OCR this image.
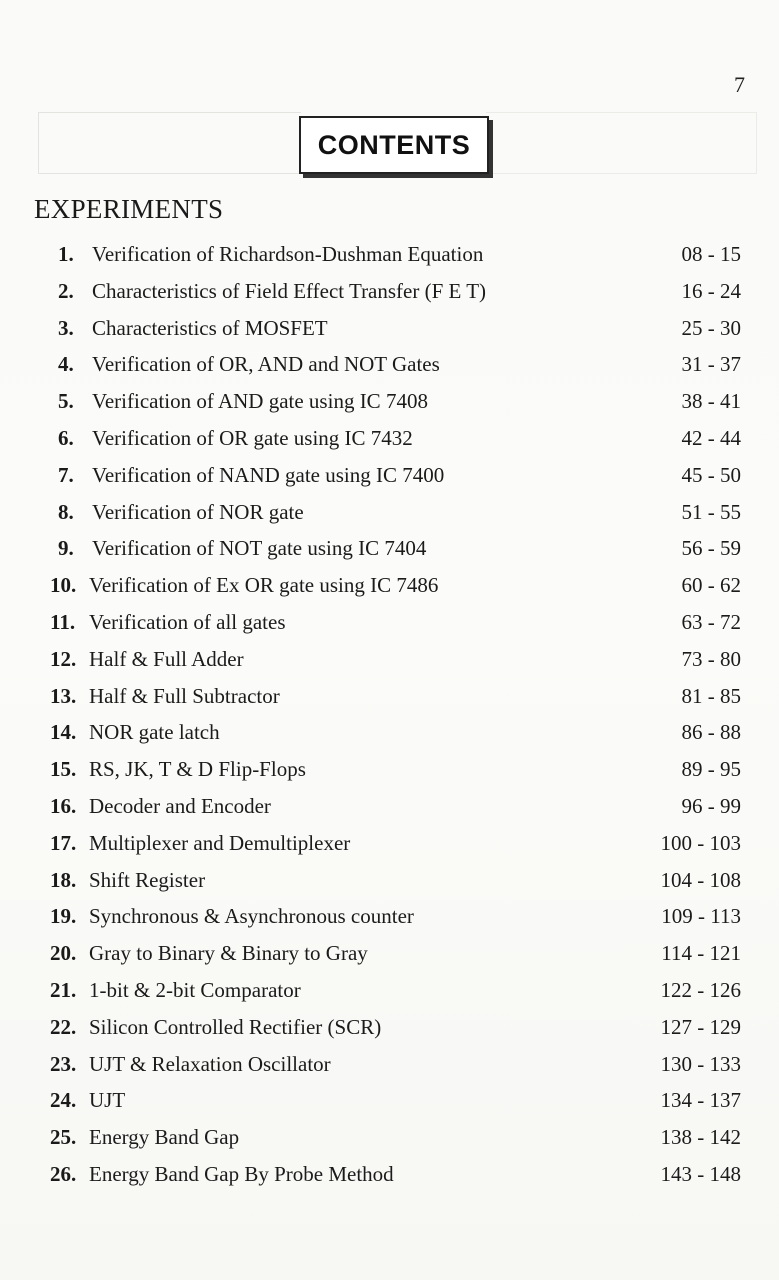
7
CONTENTS
EXPERIMENTS
1. Verification of Richardson-Dushman Equation	08 - 15
2. Characteristics of Field Effect Transfer (F E T)	16 - 24
3. Characteristics of MOSFET	25 - 30
4. Verification of OR, AND and NOT Gates	31 - 37
5. Verification of AND gate using IC 7408	38 - 41
6. Verification of OR gate using IC 7432	42 - 44
7. Verification of NAND gate using IC 7400	45 - 50
8. Verification of NOR gate	51 - 55
9. Verification of NOT gate using IC 7404	56 - 59
10. Verification of Ex OR gate using IC 7486	60 - 62
11. Verification of all gates	63 - 72
12. Half & Full Adder	73 - 80
13. Half & Full Subtractor	81 - 85
14. NOR gate latch	86 - 88
15. RS, JK, T & D Flip-Flops	89 - 95
16. Decoder and Encoder	96 - 99
17. Multiplexer and Demultiplexer	100 - 103
18. Shift Register	104 - 108
19. Synchronous & Asynchronous counter	109 - 113
20. Gray to Binary & Binary to Gray	114 - 121
21. 1-bit & 2-bit Comparator	122 - 126
22. Silicon Controlled Rectifier (SCR)	127 - 129
23. UJT & Relaxation Oscillator	130 - 133
24. UJT	134 - 137
25. Energy Band Gap	138 - 142
26. Energy Band Gap By Probe Method	143 - 148
